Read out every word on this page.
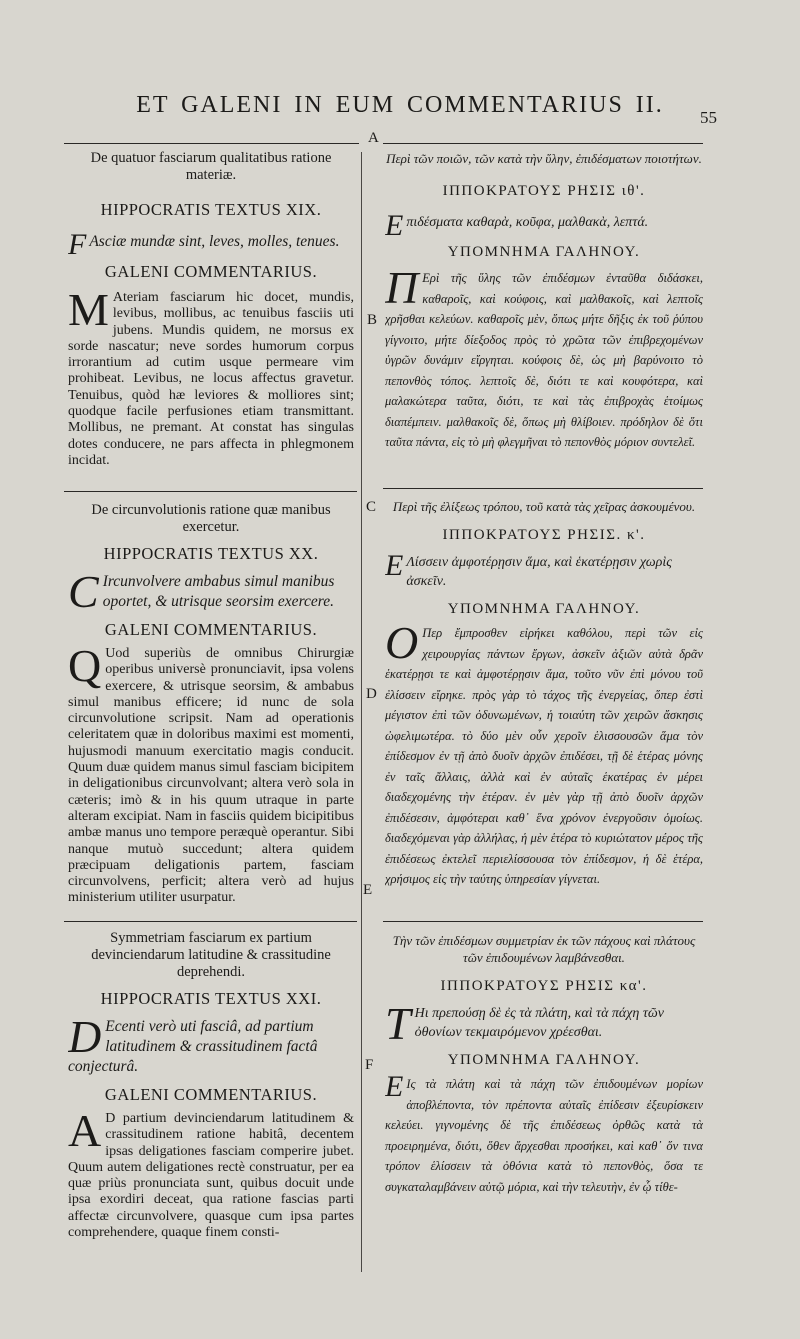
ET GALENI IN EUM COMMENTARIUS II.	55
A
B
C
D
E
F
De quatuor fasciarum qualitatibus ratione materiæ.
HIPPOCRATIS TEXTUS XIX.
F Asciæ mundæ sint, leves, molles, tenues.
GALENI COMMENTARIUS.
M Ateriam fasciarum hic docet, mundis, levibus, mollibus, ac tenuibus fasciis uti jubens. Mundis quidem, ne morsus ex sorde nascatur; neve sordes humorum corpus irrorantium ad cutim usque permeare vim prohibeat. Levibus, ne locus affectus gravetur. Tenuibus, quòd hæ leviores & molliores sint; quodque facile perfusiones etiam transmittant. Mollibus, ne premant. At constat has singulas dotes conducere, ne pars affecta in phlegmonem incidat.
De circunvolutionis ratione quæ manibus exercetur.
HIPPOCRATIS TEXTUS XX.
C Ircunvolvere ambabus simul manibus oportet, & utrisque seorsim exercere.
GALENI COMMENTARIUS.
Q Uod superiùs de omnibus Chirurgiæ operibus universè pronunciavit, ipsa volens exercere, & utrisque seorsim, & ambabus simul manibus efficere; id nunc de sola circunvolutione scripsit. Nam ad operationis celeritatem quæ in doloribus maximi est momenti, hujusmodi manuum exercitatio magis conducit. Quum duæ quidem manus simul fasciam bicipitem in deligationibus circunvolvant; altera verò sola in cæteris; imò & in his quum utraque in parte alteram excipiat. Nam in fasciis quidem bicipitibus ambæ manus uno tempore peræquè operantur. Sibi nanque mutuò succedunt; altera quidem præcipuam deligationis partem, fasciam circunvolvens, perficit; altera verò ad hujus ministerium utiliter usurpatur.
Symmetriam fasciarum ex partium devinciendarum latitudine & crassitudine deprehendi.
HIPPOCRATIS TEXTUS XXI.
D Ecenti verò uti fasciâ, ad partium latitudinem & crassitudinem factâ conjecturâ.
GALENI COMMENTARIUS.
A D partium devinciendarum latitudinem & crassitudinem ratione habitâ, decentem ipsas deligationes fasciam comperire jubet. Quum autem deligationes rectè construatur, per ea quæ priùs pronunciata sunt, quibus docuit unde ipsa exordiri deceat, qua ratione fascias parti affectæ circunvolvere, quasque cum ipsa partes comprehendere, quaque finem consti-
Περὶ τῶν ποιῶν, τῶν κατὰ τὴν ὕλην, ἐπιδέσματων ποιοτήτων.
ΙΠΠΟΚΡΑΤΟΥΣ ΡΗΣΙΣ ιθ'.
Eπιδέσματα καθαρὰ, κοῦφα, μαλθακὰ, λεπτά.
ΥΠΟΜΝΗΜΑ ΓΑΛΗΝΟΥ.
Π Ερὶ τῆς ὕλης τῶν ἐπιδέσμων ἐνταῦθα διδάσκει, καθαροῖς, καὶ κούφοις, καὶ μαλθακοῖς, καὶ λεπτοῖς χρῆσθαι κελεύων. καθαροῖς μὲν, ὅπως μήτε δῆξις ἐκ τοῦ ῥύπου γίγνοιτο, μήτε δίεξοδος πρὸς τὸ χρῶτα τῶν ἐπιβρεχομένων ὑγρῶν δυνάμιν εἴργηται. κούφοις δὲ, ὡς μὴ βαρύνοιτο τὸ πεπονθὸς τόπος. λεπτοῖς δὲ, διότι τε καὶ κουφότερα, καὶ μαλακώτερα ταῦτα, διότι, τε καὶ τὰς ἐπιβροχὰς ἑτοίμως διαπέμπειν. μαλθακοῖς δὲ, ὅπως μὴ θλίβοιεν. πρόδηλον δὲ ὅτι ταῦτα πάντα, εἰς τὸ μὴ φλεγμῆναι τὸ πεπονθὸς μόριον συντελεῖ.
Περὶ τῆς ἐλίξεως τρόπου, τοῦ κατὰ τὰς χεῖρας ἀσκουμένου.
ΙΠΠΟΚΡΑΤΟΥΣ ΡΗΣΙΣ. κ'.
E Λίσσειν ἀμφοτέρῃσιν ἅμα, καὶ ἑκατέρῃσιν χωρὶς ἀσκεῖν.
ΥΠΟΜΝΗΜΑ ΓΑΛΗΝΟΥ.
Ο Περ ἔμπροσθεν εἰρήκει καθόλου, περὶ τῶν εἰς χειρουργίας πάντων ἔργων, ἀσκεῖν ἀξιῶν αὐτὰ δρᾶν ἑκατέρῃσι τε καὶ ἀμφοτέρῃσιν ἅμα, τοῦτο νῦν ἐπὶ μόνου τοῦ ἐλίσσειν εἴρηκε. πρὸς γὰρ τὸ τάχος τῆς ἐνεργείας, ὅπερ ἐστὶ μέγιστον ἐπὶ τῶν ὀδυνωμένων, ἡ τοιαύτη τῶν χειρῶν ἄσκησις ὠφελιμωτέρα. τὸ δύο μὲν οὖν χεροῖν ἑλισσουσῶν ἅμα τὸν ἐπίδεσμον ἐν τῇ ἀπὸ δυοῖν ἀρχῶν ἐπιδέσει, τῇ δὲ ἑτέρας μόνης ἐν ταῖς ἄλλαις, ἀλλὰ καὶ ἐν αὐταῖς ἑκατέρας ἐν μέρει διαδεχομένης τὴν ἑτέραν. ἐν μὲν γὰρ τῇ ἀπὸ δυοῖν ἀρχῶν ἐπιδέσεσιν, ἀμφότεραι καθ᾽ ἕνα χρόνον ἐνεργοῦσιν ὁμοίως. διαδεχόμεναι γὰρ ἀλλήλας, ἡ μὲν ἑτέρα τὸ κυριώτατον μέρος τῆς ἐπιδέσεως ἐκτελεῖ περιελίσσουσα τὸν ἐπίδεσμον, ἡ δὲ ἑτέρα, χρήσιμος εἰς τὴν ταύτης ὑπηρεσίαν γίγνεται.
Τὴν τῶν ἐπιδέσμων συμμετρίαν ἐκ τῶν πάχους καὶ πλάτους τῶν ἐπιδουμένων λαμβάνεσθαι.
ΙΠΠΟΚΡΑΤΟΥΣ ΡΗΣΙΣ κα'.
T Ηι πρεπούσῃ δὲ ἐς τὰ πλάτη, καὶ τὰ πάχη τῶν ὀθονίων τεκμαιρόμενον χρέεσθαι.
ΥΠΟΜΝΗΜΑ ΓΑΛΗΝΟΥ.
E Ις τὰ πλάτη καὶ τὰ πάχη τῶν ἐπιδουμένων μορίων ἀποβλέποντα, τὸν πρέποντα αὐταῖς ἐπίδεσιν ἐξευρίσκειν κελεύει. γιγνομένης δὲ τῆς ἐπιδέσεως ὀρθῶς κατὰ τὰ προειρημένα, διότι, ὅθεν ἄρχεσθαι προσήκει, καὶ καθ᾽ ὅν τινα τρόπον ἑλίσσειν τὰ ὀθόνια κατὰ τὸ πεπονθὸς, ὅσα τε συγκαταλαμβάνειν αὐτῷ μόρια, καὶ τὴν τελευτὴν, ἐν ᾧ τίθε-
